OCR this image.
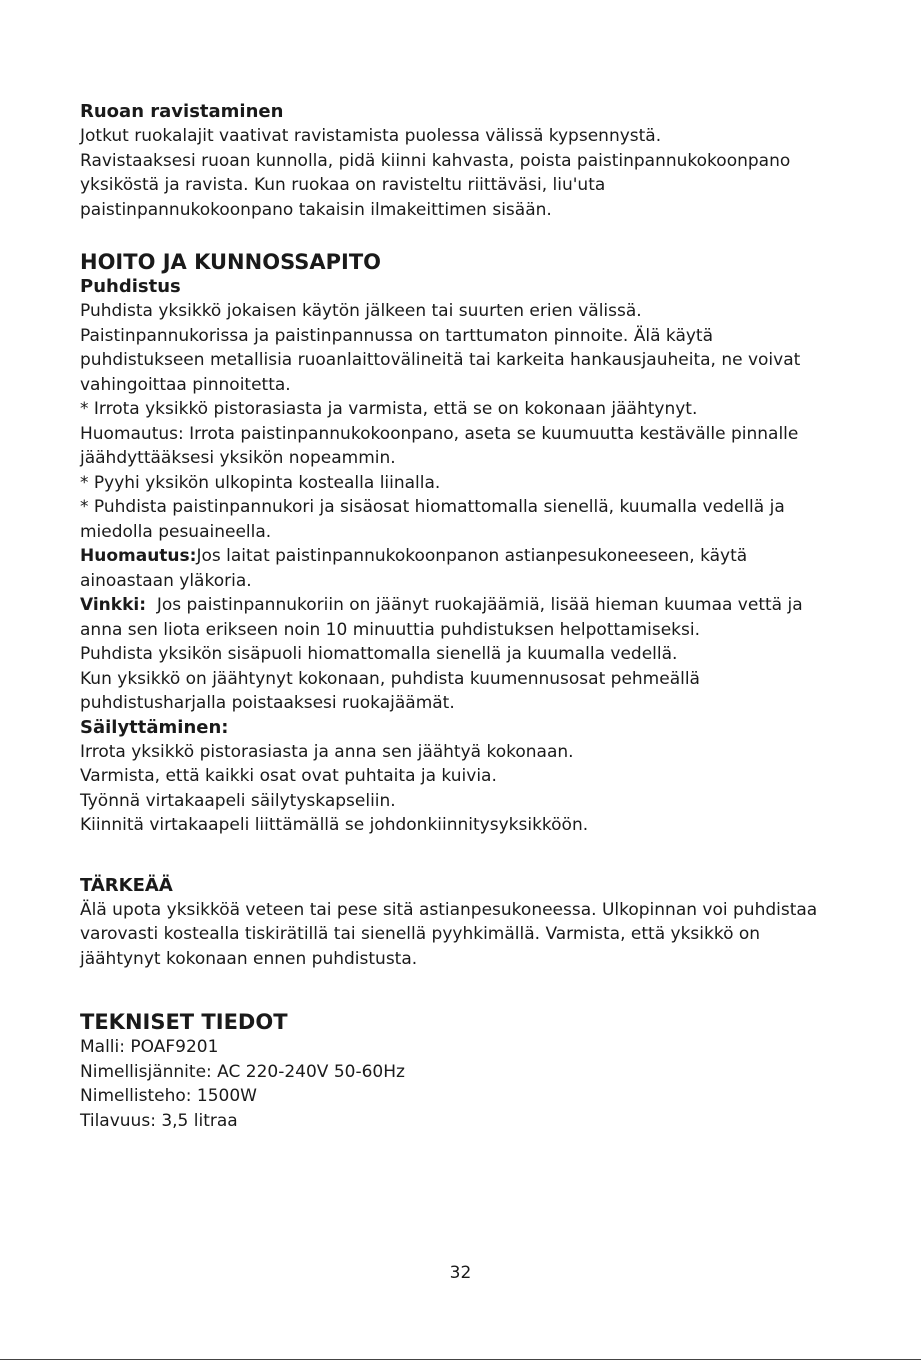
Ruoan ravistaminen

Jotkut ruokalajit vaativat ravistamista puolessa välissä kypsennystä.

Ravistaaksesi ruoan kunnolla, pidä kiinni kahvasta, poista paistinpannukokoonpano

yksiköstä ja ravista. Kun ruokaa on ravisteltu riittäväsi, liu'uta

paistinpannukokoonpano takaisin ilmakeittimen sisään.

HOITO JA KUNNOSSAPITO

Puhdistus

Puhdista yksikkö jokaisen käytön jälkeen tai suurten erien välissä.

Paistinpannukorissa ja paistinpannussa on tarttumaton pinnoite. Älä käytä

puhdistukseen metallisia ruoanlaittovälineitä tai karkeita hankausjauheita, ne voivat

vahingoittaa pinnoitetta.

* Irrota yksikkö pistorasiasta ja varmista, että se on kokonaan jäähtynyt.

Huomautus: Irrota paistinpannukokoonpano, aseta se kuumuutta kestävälle pinnalle

jäähdyttääksesi yksikön nopeammin.

* Pyyhi yksikön ulkopinta kostealla liinalla.

* Puhdista paistinpannukori ja sisäosat hiomattomalla sienellä, kuumalla vedellä ja

miedolla pesuaineella.

Huomautus:Jos laitat paistinpannukokoonpanon astianpesukoneeseen, käytä

ainoastaan yläkoria.

Vinkki:  Jos paistinpannukoriin on jäänyt ruokajäämiä, lisää hieman kuumaa vettä ja

anna sen liota erikseen noin 10 minuuttia puhdistuksen helpottamiseksi.

Puhdista yksikön sisäpuoli hiomattomalla sienellä ja kuumalla vedellä.

Kun yksikkö on jäähtynyt kokonaan, puhdista kuumennusosat pehmeällä

puhdistusharjalla poistaaksesi ruokajäämät.

Säilyttäminen:

Irrota yksikkö pistorasiasta ja anna sen jäähtyä kokonaan.

Varmista, että kaikki osat ovat puhtaita ja kuivia.

Työnnä virtakaapeli säilytyskapseliin.

Kiinnitä virtakaapeli liittämällä se johdonkiinnitysyksikköön.

TÄRKEÄÄ

Älä upota yksikköä veteen tai pese sitä astianpesukoneessa. Ulkopinnan voi puhdistaa

varovasti kostealla tiskirätillä tai sienellä pyyhkimällä. Varmista, että yksikkö on

jäähtynyt kokonaan ennen puhdistusta.

TEKNISET TIEDOT

Malli: POAF9201

Nimellisjännite: AC 220-240V 50-60Hz

Nimellisteho: 1500W

Tilavuus: 3,5 litraa

32
